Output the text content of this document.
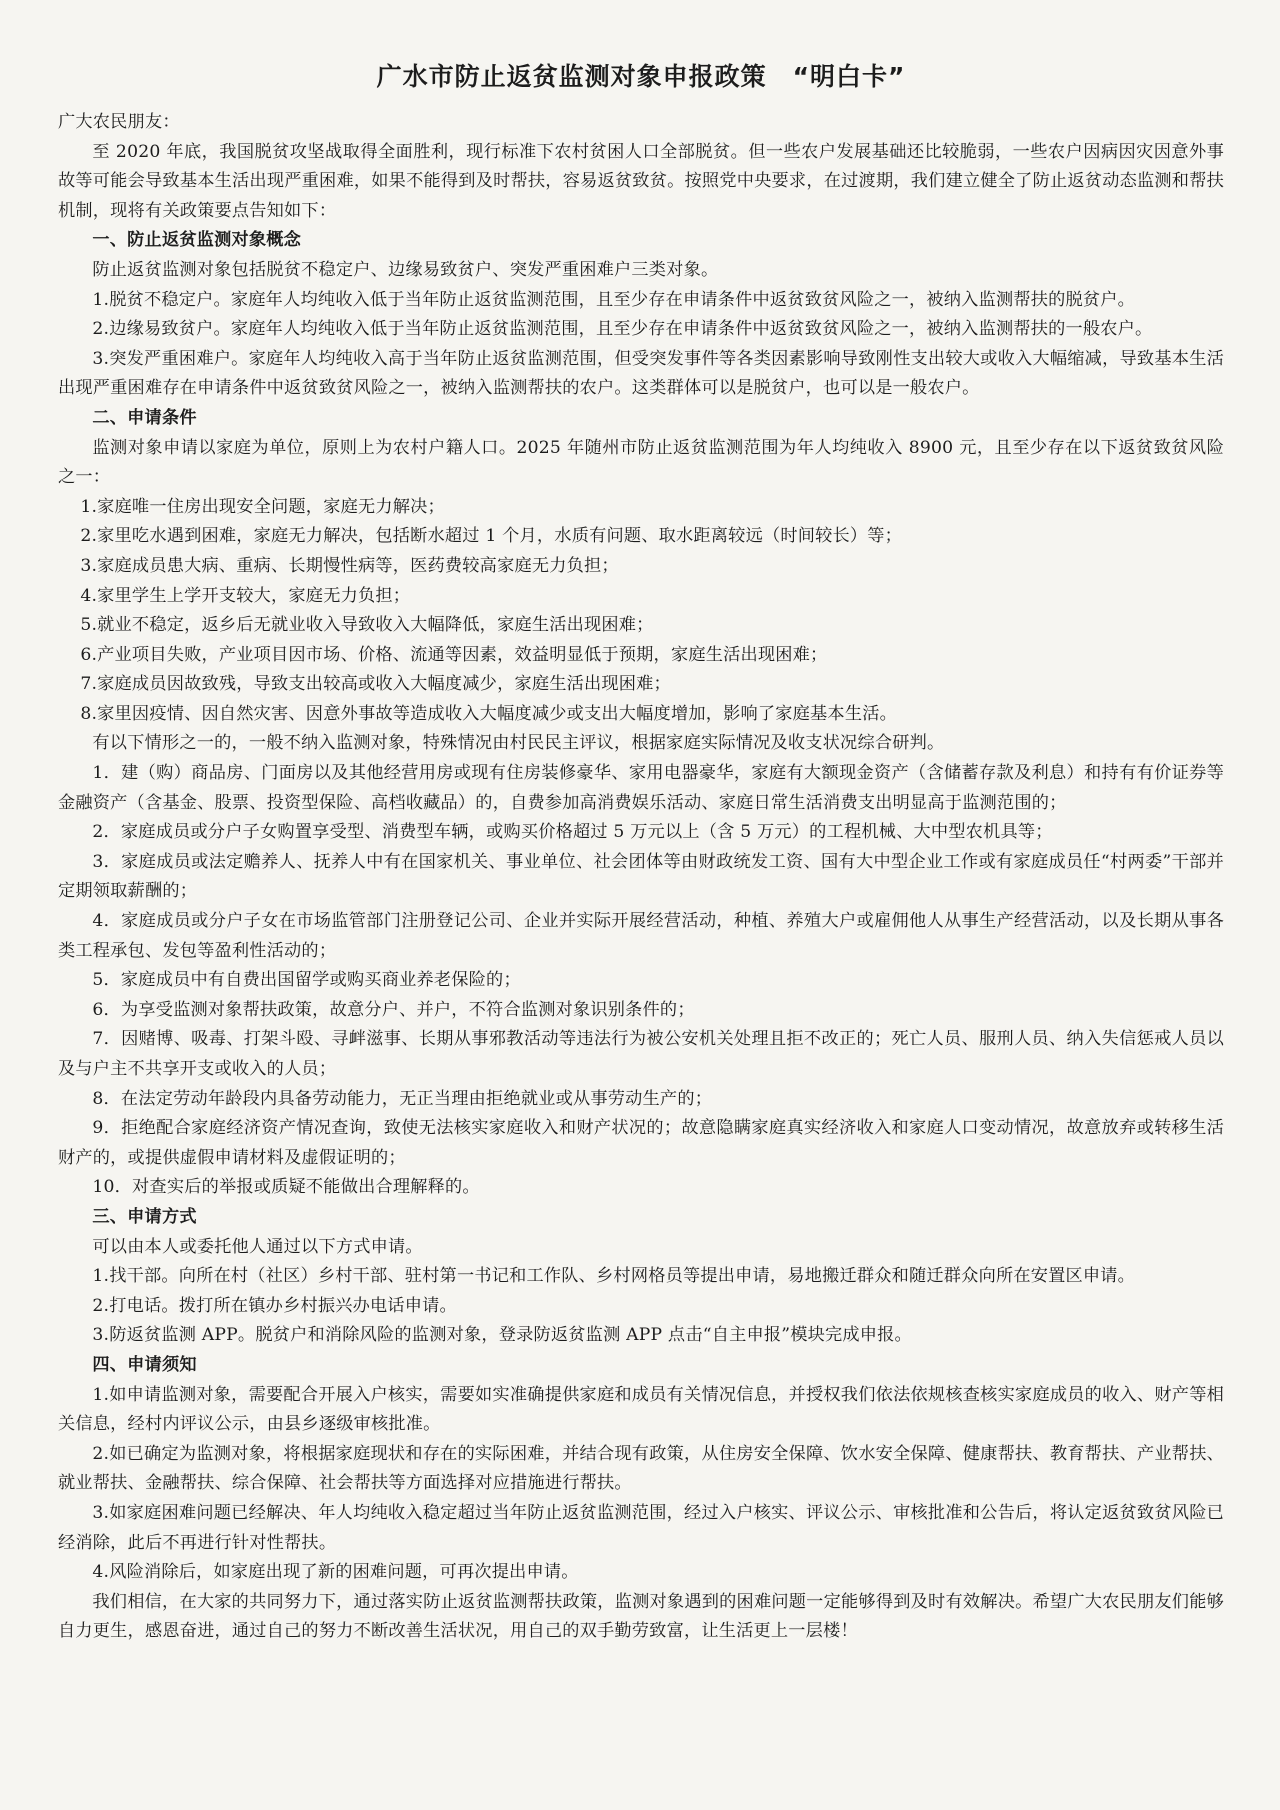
广水市防止返贫监测对象申报政策　“明白卡”

广大农民朋友：

至 2020 年底，我国脱贫攻坚战取得全面胜利，现行标准下农村贫困人口全部脱贫。但一些农户发展基础还比较脆弱，一些农户因病因灾因意外事故等可能会导致基本生活出现严重困难，如果不能得到及时帮扶，容易返贫致贫。按照党中央要求，在过渡期，我们建立健全了防止返贫动态监测和帮扶机制，现将有关政策要点告知如下：

一、防止返贫监测对象概念

防止返贫监测对象包括脱贫不稳定户、边缘易致贫户、突发严重困难户三类对象。

1.脱贫不稳定户。家庭年人均纯收入低于当年防止返贫监测范围，且至少存在申请条件中返贫致贫风险之一，被纳入监测帮扶的脱贫户。

2.边缘易致贫户。家庭年人均纯收入低于当年防止返贫监测范围，且至少存在申请条件中返贫致贫风险之一，被纳入监测帮扶的一般农户。

3.突发严重困难户。家庭年人均纯收入高于当年防止返贫监测范围，但受突发事件等各类因素影响导致刚性支出较大或收入大幅缩减，导致基本生活出现严重困难存在申请条件中返贫致贫风险之一，被纳入监测帮扶的农户。这类群体可以是脱贫户，也可以是一般农户。

二、申请条件

监测对象申请以家庭为单位，原则上为农村户籍人口。2025 年随州市防止返贫监测范围为年人均纯收入 8900 元，且至少存在以下返贫致贫风险之一：

1.家庭唯一住房出现安全问题，家庭无力解决；

2.家里吃水遇到困难，家庭无力解决，包括断水超过 1 个月，水质有问题、取水距离较远（时间较长）等；

3.家庭成员患大病、重病、长期慢性病等，医药费较高家庭无力负担；

4.家里学生上学开支较大，家庭无力负担；

5.就业不稳定，返乡后无就业收入导致收入大幅降低，家庭生活出现困难；

6.产业项目失败，产业项目因市场、价格、流通等因素，效益明显低于预期，家庭生活出现困难；

7.家庭成员因故致残，导致支出较高或收入大幅度减少，家庭生活出现困难；

8.家里因疫情、因自然灾害、因意外事故等造成收入大幅度减少或支出大幅度增加，影响了家庭基本生活。

有以下情形之一的，一般不纳入监测对象，特殊情况由村民民主评议，根据家庭实际情况及收支状况综合研判。

1．建（购）商品房、门面房以及其他经营用房或现有住房装修豪华、家用电器豪华，家庭有大额现金资产（含储蓄存款及利息）和持有有价证券等金融资产（含基金、股票、投资型保险、高档收藏品）的，自费参加高消费娱乐活动、家庭日常生活消费支出明显高于监测范围的；

2．家庭成员或分户子女购置享受型、消费型车辆，或购买价格超过 5 万元以上（含 5 万元）的工程机械、大中型农机具等；

3．家庭成员或法定赡养人、抚养人中有在国家机关、事业单位、社会团体等由财政统发工资、国有大中型企业工作或有家庭成员任“村两委”干部并定期领取薪酬的；

4．家庭成员或分户子女在市场监管部门注册登记公司、企业并实际开展经营活动，种植、养殖大户或雇佣他人从事生产经营活动，以及长期从事各类工程承包、发包等盈利性活动的；

5．家庭成员中有自费出国留学或购买商业养老保险的；

6．为享受监测对象帮扶政策，故意分户、并户，不符合监测对象识别条件的；

7．因赌博、吸毒、打架斗殴、寻衅滋事、长期从事邪教活动等违法行为被公安机关处理且拒不改正的；死亡人员、服刑人员、纳入失信惩戒人员以及与户主不共享开支或收入的人员；

8．在法定劳动年龄段内具备劳动能力，无正当理由拒绝就业或从事劳动生产的；

9．拒绝配合家庭经济资产情况查询，致使无法核实家庭收入和财产状况的；故意隐瞒家庭真实经济收入和家庭人口变动情况，故意放弃或转移生活财产的，或提供虚假申请材料及虚假证明的；

10．对查实后的举报或质疑不能做出合理解释的。

三、申请方式

可以由本人或委托他人通过以下方式申请。

1.找干部。向所在村（社区）乡村干部、驻村第一书记和工作队、乡村网格员等提出申请，易地搬迁群众和随迁群众向所在安置区申请。

2.打电话。拨打所在镇办乡村振兴办电话申请。

3.防返贫监测 APP。脱贫户和消除风险的监测对象，登录防返贫监测 APP 点击“自主申报”模块完成申报。

四、申请须知

1.如申请监测对象，需要配合开展入户核实，需要如实准确提供家庭和成员有关情况信息，并授权我们依法依规核查核实家庭成员的收入、财产等相关信息，经村内评议公示，由县乡逐级审核批准。

2.如已确定为监测对象，将根据家庭现状和存在的实际困难，并结合现有政策，从住房安全保障、饮水安全保障、健康帮扶、教育帮扶、产业帮扶、就业帮扶、金融帮扶、综合保障、社会帮扶等方面选择对应措施进行帮扶。

3.如家庭困难问题已经解决、年人均纯收入稳定超过当年防止返贫监测范围，经过入户核实、评议公示、审核批准和公告后，将认定返贫致贫风险已经消除，此后不再进行针对性帮扶。

4.风险消除后，如家庭出现了新的困难问题，可再次提出申请。

我们相信，在大家的共同努力下，通过落实防止返贫监测帮扶政策，监测对象遇到的困难问题一定能够得到及时有效解决。希望广大农民朋友们能够自力更生，感恩奋进，通过自己的努力不断改善生活状况，用自己的双手勤劳致富，让生活更上一层楼！
